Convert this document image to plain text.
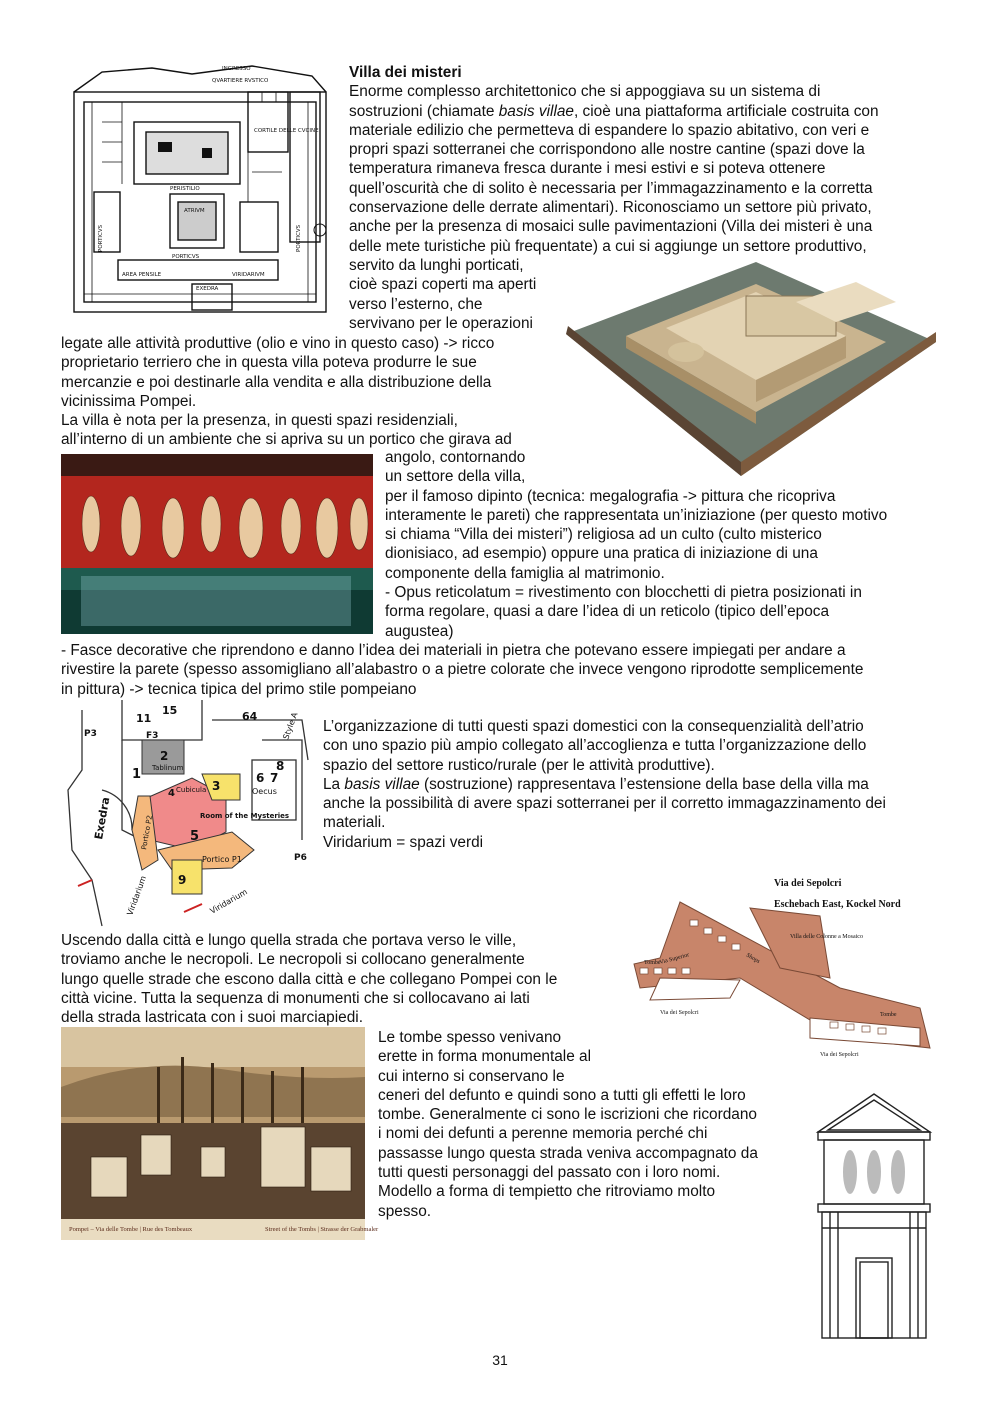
PERISTILIO
ATRIVM
PORTICVS
AREA PENSILE	VIRIDARIVM
EXEDRA
QVARTIERE RVSTICO
CORTILE DELLE CVCINE
INGRESSO
PORTICVS	PORTICVS

Villa dei misteri

Enorme complesso architettonico che si appoggiava su un sistema di

sostruzioni (chiamate basis villae, cioè una piattaforma artificiale costruita con

materiale edilizio che permetteva di espandere lo spazio abitativo, con veri e

propri spazi sotterranei che corrispondono alle nostre cantine (spazi dove la

temperatura rimaneva fresca durante i mesi estivi e si poteva ottenere

quell’oscurità che di solito è necessaria per l’immagazzinamento e la corretta

conservazione delle derrate alimentari). Riconosciamo un settore più privato,

anche per la presenza di mosaici sulle pavimentazioni (Villa dei misteri è una

delle mete turistiche più frequentate) a cui si aggiunge un settore produttivo,

servito da lunghi porticati,

cioè spazi coperti ma aperti

verso l’esterno, che

servivano per le operazioni

legate alle attività produttive (olio e vino in questo caso) -> ricco

proprietario terriero che in questa villa poteva produrre le sue

mercanzie e poi destinarle alla vendita e alla distribuzione della

vicinissima Pompei.

La villa è nota per la presenza, in questi spazi residenziali,

all’interno di un ambiente che si apriva su un portico che girava ad

angolo, contornando

un settore della villa,

per il famoso dipinto (tecnica: megalografia -> pittura che ricopriva

interamente le pareti) che rappresentata un’iniziazione (per questo motivo

si chiama “Villa dei misteri”) religiosa ad un culto (culto misterico

dionisiaco, ad esempio) oppure una pratica di iniziazione di una

componente della famiglia al matrimonio.

- Opus reticolatum = rivestimento con blocchetti di pietra posizionati in

forma regolare, quasi a dare l’idea di un reticolo (tipico dell’epoca

augustea)

- Fasce decorative che riprendono e danno l’idea dei materiali in pietra che potevano essere impiegati per andare a

rivestire la parete (spesso assomigliano all’alabastro o a pietre colorate che invece vengono riprodotte semplicemente

in pittura) -> tecnica tipica del primo stile pompeiano

1
2
Tablinum
3
4 Cubicula
5
Room of the Mysteries
6 7
8
Oecus
9
11
15	64
F3
P3
P6
Exedra	Portico P2
Portico P1
Viridarium	Viridarium
Style A L’organizzazione di tutti questi spazi domestici con la consequenzialità dell’atrio

con uno spazio più ampio collegato all’accoglienza e tutta l’organizzazione dello

spazio del settore rustico/rurale (per le attività produttive).

La basis villae (sostruzione) rappresentava l’estensione della base della villa ma

anche la possibilità di avere spazi sotterranei per il corretto immagazzinamento dei

materiali.

Viridarium = spazi verdi

Via dei Sepolcri
Eschebach East, Kockel Nord
Via Superior
Villa delle Colonne a Mosaico
Tombe
Tombe
Shops
Via dei Sepolcri
Via dei Sepolcri

Uscendo dalla città e lungo quella strada che portava verso le ville,

troviamo anche le necropoli. Le necropoli si collocano generalmente

lungo quelle strade che escono dalla città e che collegano Pompei con le

città vicine. Tutta la sequenza di monumenti che si collocavano ai lati

della strada lastricata con i suoi marciapiedi.

Pompei – Via delle Tombe | Rue des Tombeaux	Street of the Tombs | Strasse der Grabmaler

Le tombe spesso venivano

erette in forma monumentale al

cui interno si conservano le

ceneri del defunto e quindi sono a tutti gli effetti le loro

tombe. Generalmente ci sono le iscrizioni che ricordano

i nomi dei defunti a perenne memoria perché chi

passasse lungo questa strada veniva accompagnato da

tutti questi personaggi del passato con i loro nomi.

Modello a forma di tempietto che ritroviamo molto

spesso.

31
